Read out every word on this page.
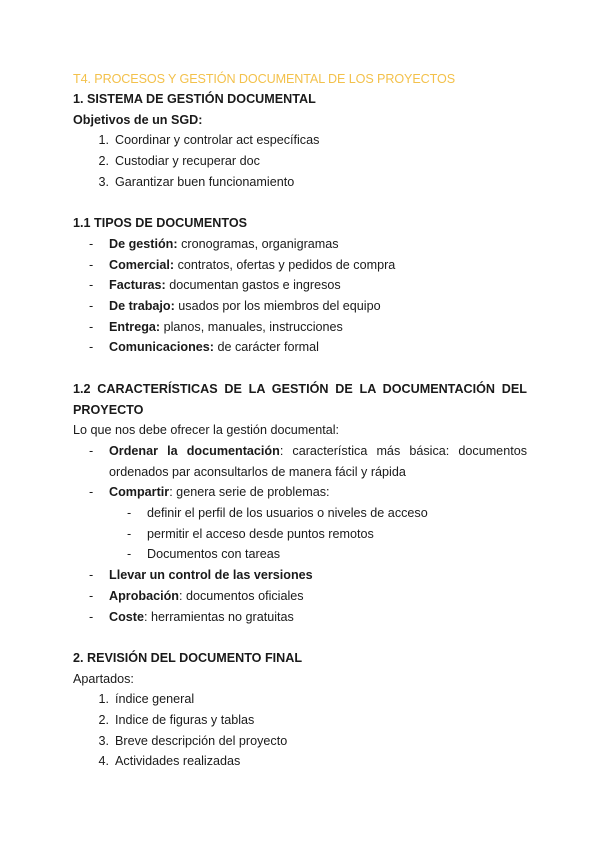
T4. PROCESOS Y GESTIÓN DOCUMENTAL DE LOS PROYECTOS

1. SISTEMA DE GESTIÓN DOCUMENTAL

Objetivos de un SGD:

1. Coordinar y controlar act específicas
2. Custodiar y recuperar doc
3. Garantizar buen funcionamiento

1.1 TIPOS DE DOCUMENTOS

-	De gestión: cronogramas, organigramas
-	Comercial: contratos, ofertas y pedidos de compra
-	Facturas: documentan gastos e ingresos
-	De trabajo: usados por los miembros del equipo
-	Entrega: planos, manuales, instrucciones
-	Comunicaciones: de carácter formal

1.2 CARACTERÍSTICAS DE LA GESTIÓN DE LA DOCUMENTACIÓN DEL PROYECTO

Lo que nos debe ofrecer la gestión documental:

-	Ordenar la documentación: característica más básica: documentos ordenados par aconsultarlos de manera fácil y rápida
-	Compartir: genera serie de problemas:
-	definir el perfil de los usuarios o niveles de acceso
-	permitir el acceso desde puntos remotos
-	Documentos con tareas
-	Llevar un control de las versiones
-	Aprobación: documentos oficiales
-	Coste: herramientas no gratuitas

2. REVISIÓN DEL DOCUMENTO FINAL

Apartados:

1. índice general
2. Indice de figuras y tablas
3. Breve descripción del proyecto
4. Actividades realizadas
